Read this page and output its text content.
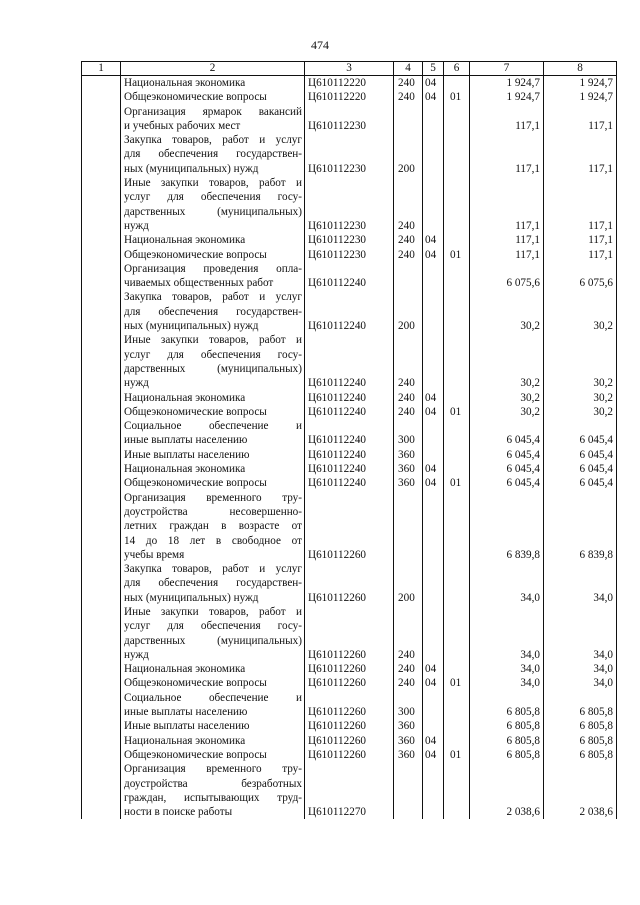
474
1	2	3	4	5	6	7	8

	Национальная экономика	Ц610112220	240	04		1 924,7	1 924,7

	Общеэкономические вопросы	Ц610112220	240	04	01	1 924,7	1 924,7

	Организация ярмарок вакансий
и учебных рабочих мест	Ц610112230				117,1	117,1

	Закупка товаров, работ и услуг
для обеспечения государствен-
ных (муниципальных) нужд	Ц610112230	200			117,1	117,1

	Иные закупки товаров, работ и
услуг для обеспечения госу-
дарственных (муниципальных)
нужд	Ц610112230	240			117,1	117,1

	Национальная экономика	Ц610112230	240	04		117,1	117,1

	Общеэкономические вопросы	Ц610112230	240	04	01	117,1	117,1

	Организация проведения опла-
чиваемых общественных работ	Ц610112240				6 075,6	6 075,6

	Закупка товаров, работ и услуг
для обеспечения государствен-
ных (муниципальных) нужд	Ц610112240	200			30,2	30,2

	Иные закупки товаров, работ и
услуг для обеспечения госу-
дарственных (муниципальных)
нужд	Ц610112240	240			30,2	30,2

	Национальная экономика	Ц610112240	240	04		30,2	30,2

	Общеэкономические вопросы	Ц610112240	240	04	01	30,2	30,2

	Социальное обеспечение и
иные выплаты населению	Ц610112240	300			6 045,4	6 045,4

	Иные выплаты населению	Ц610112240	360			6 045,4	6 045,4

	Национальная экономика	Ц610112240	360	04		6 045,4	6 045,4

	Общеэкономические вопросы	Ц610112240	360	04	01	6 045,4	6 045,4

	Организация временного тру-
доустройства несовершенно-
летних граждан в возрасте от
14 до 18 лет в свободное от
учебы время	Ц610112260				6 839,8	6 839,8

	Закупка товаров, работ и услуг
для обеспечения государствен-
ных (муниципальных) нужд	Ц610112260	200			34,0	34,0

	Иные закупки товаров, работ и
услуг для обеспечения госу-
дарственных (муниципальных)
нужд	Ц610112260	240			34,0	34,0

	Национальная экономика	Ц610112260	240	04		34,0	34,0

	Общеэкономические вопросы	Ц610112260	240	04	01	34,0	34,0

	Социальное обеспечение и
иные выплаты населению	Ц610112260	300			6 805,8	6 805,8

	Иные выплаты населению	Ц610112260	360			6 805,8	6 805,8

	Национальная экономика	Ц610112260	360	04		6 805,8	6 805,8

	Общеэкономические вопросы	Ц610112260	360	04	01	6 805,8	6 805,8

	Организация временного тру-
доустройства безработных
граждан, испытывающих труд-
ности в поиске работы	Ц610112270				2 038,6	2 038,6
